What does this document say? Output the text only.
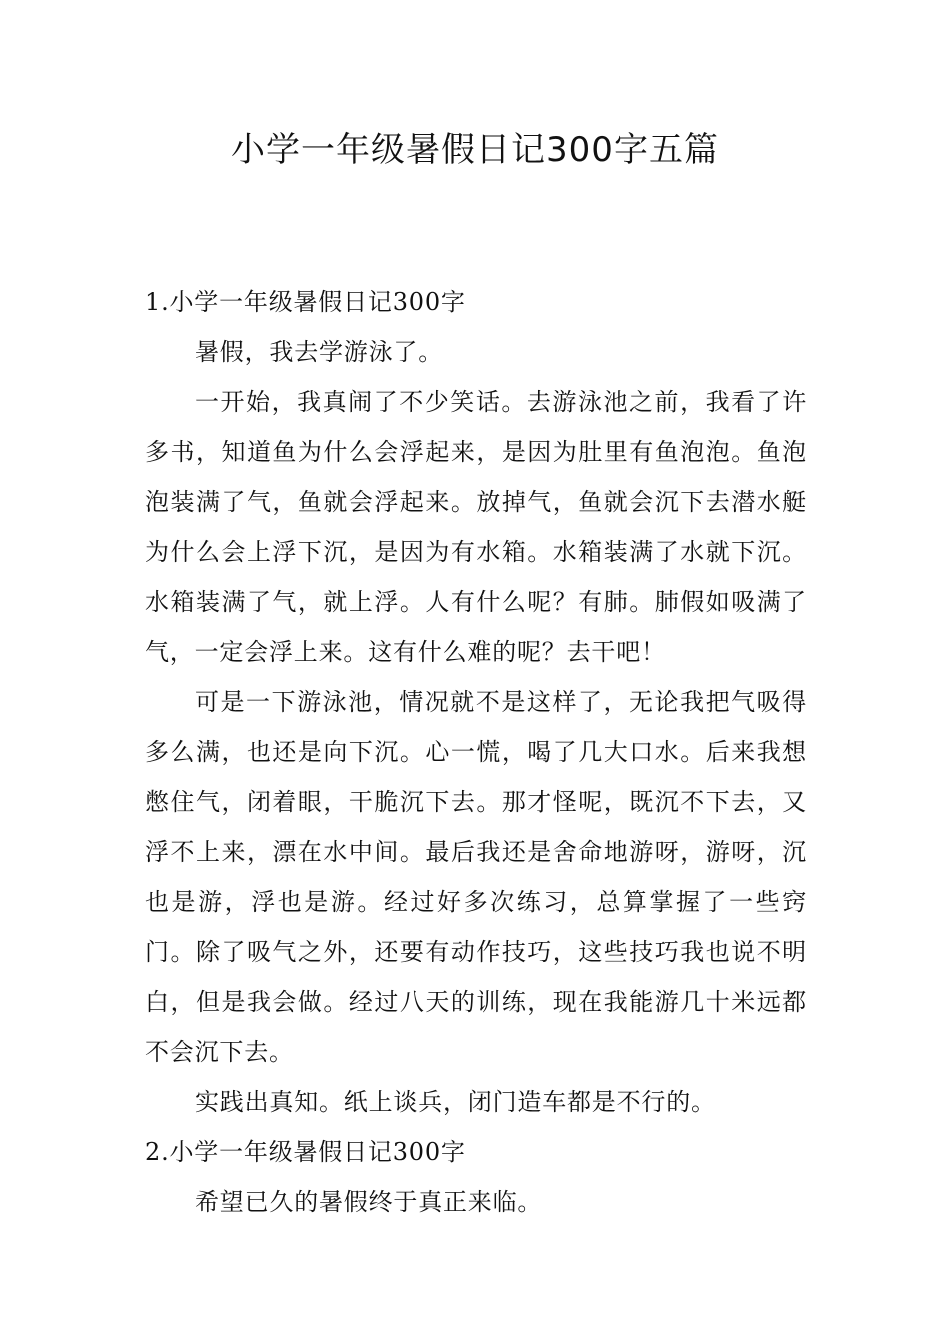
小学一年级暑假日记300字五篇
1.小学一年级暑假日记300字

暑假，我去学游泳了。

一开始，我真闹了不少笑话。去游泳池之前，我看了许多书，知道鱼为什么会浮起来，是因为肚里有鱼泡泡。鱼泡泡装满了气，鱼就会浮起来。放掉气，鱼就会沉下去潜水艇为什么会上浮下沉，是因为有水箱。水箱装满了水就下沉。水箱装满了气，就上浮。人有什么呢？有肺。肺假如吸满了气，一定会浮上来。这有什么难的呢？去干吧！

可是一下游泳池，情况就不是这样了，无论我把气吸得多么满，也还是向下沉。心一慌，喝了几大口水。后来我想憋住气，闭着眼，干脆沉下去。那才怪呢，既沉不下去，又浮不上来，漂在水中间。最后我还是舍命地游呀，游呀，沉也是游，浮也是游。经过好多次练习，总算掌握了一些窍门。除了吸气之外，还要有动作技巧，这些技巧我也说不明白，但是我会做。经过八天的训练，现在我能游几十米远都不会沉下去。

实践出真知。纸上谈兵，闭门造车都是不行的。

2.小学一年级暑假日记300字

希望已久的暑假终于真正来临。
